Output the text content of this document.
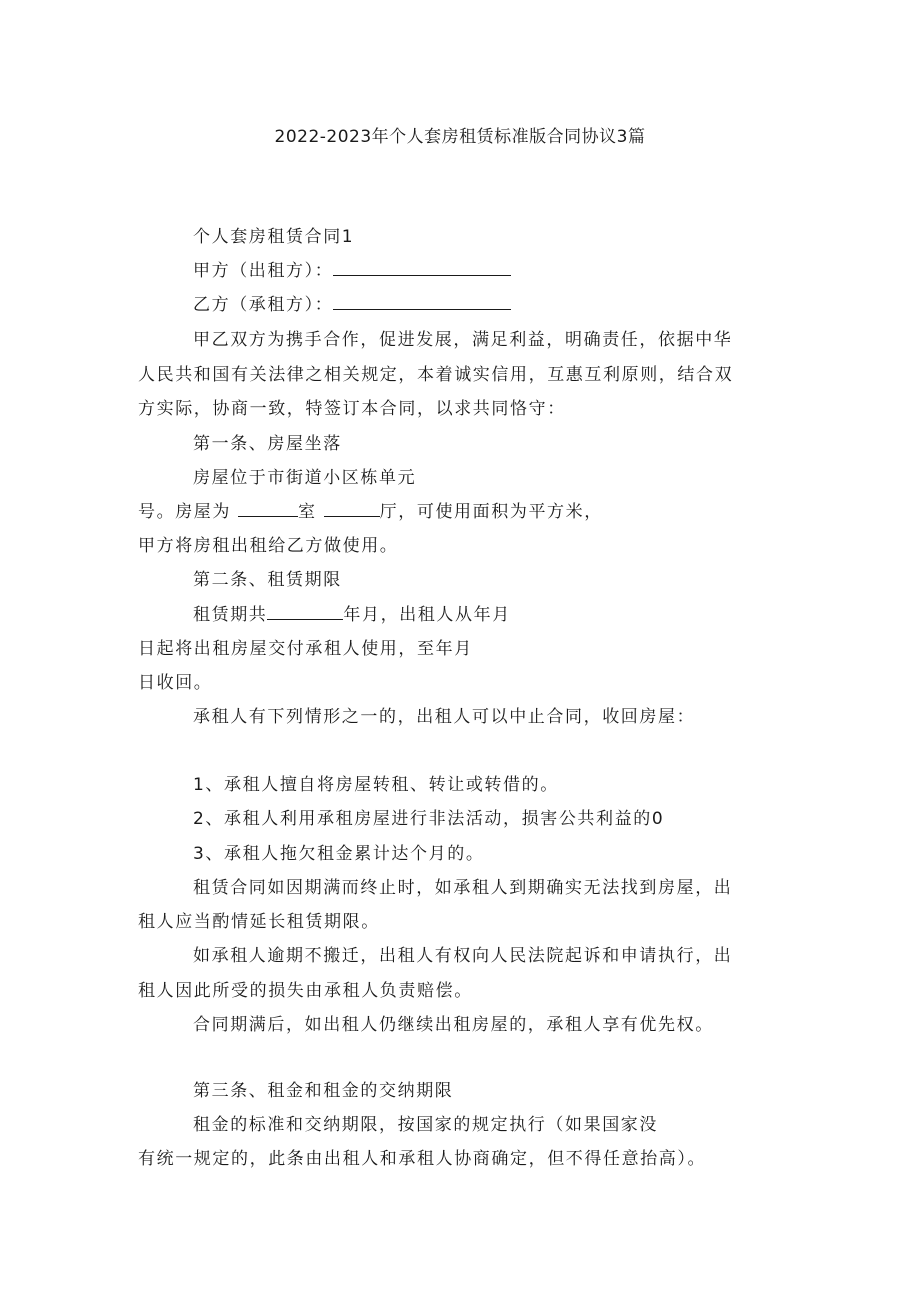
2022-2023年个人套房租赁标准版合同协议3篇
个人套房租赁合同1
甲方（出租方）：
乙方（承租方）：
甲乙双方为携手合作，促进发展，满足利益，明确责任，依据中华
人民共和国有关法律之相关规定，本着诚实信用，互惠互利原则，结合双
方实际，协商一致，特签订本合同，以求共同恪守：
第一条、房屋坐落
房屋位于市街道小区栋单元
号。房屋为	室	厅，可使用面积为平方米，
甲方将房租出租给乙方做使用。
第二条、租赁期限
租赁期共	年月，出租人从年月
日起将出租房屋交付承租人使用，至年月
日收回。
承租人有下列情形之一的，出租人可以中止合同，收回房屋：
1、承租人擅自将房屋转租、转让或转借的。
2、承租人利用承租房屋进行非法活动，损害公共利益的0
3、承租人拖欠租金累计达个月的。
租赁合同如因期满而终止时，如承租人到期确实无法找到房屋，出
租人应当酌情延长租赁期限。
如承租人逾期不搬迁，出租人有权向人民法院起诉和申请执行，出
租人因此所受的损失由承租人负责赔偿。
合同期满后，如出租人仍继续出租房屋的，承租人享有优先权。
第三条、租金和租金的交纳期限
租金的标准和交纳期限，按国家的规定执行（如果国家没
有统一规定的，此条由出租人和承租人协商确定，但不得任意抬高）。
